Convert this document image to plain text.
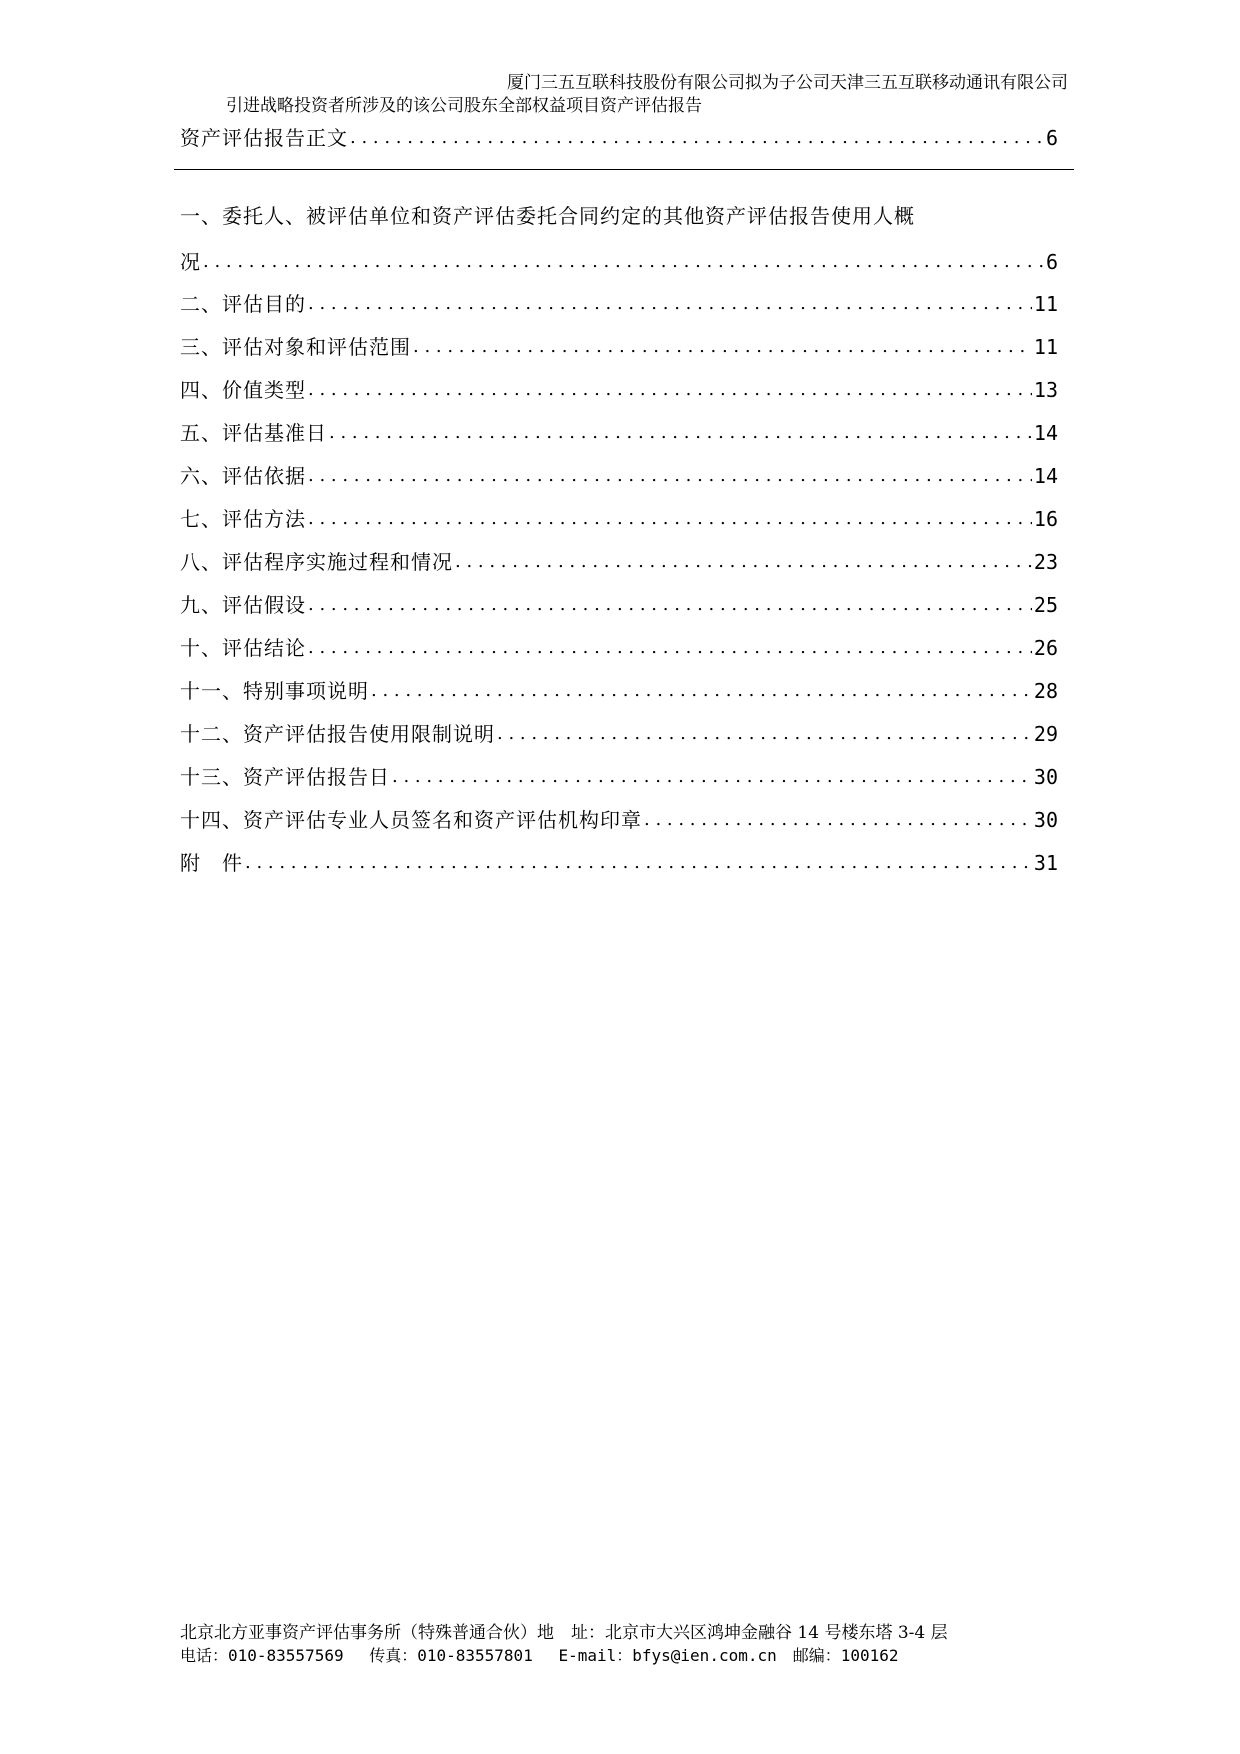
厦门三五互联科技股份有限公司拟为子公司天津三五互联移动通讯有限公司
引进战略投资者所涉及的该公司股东全部权益项目资产评估报告
资产评估报告正文 . . .	6
一、委托人、被评估单位和资产评估委托合同约定的其他资产评估报告使用人概
况 . . .	6
二、评估目的 . . .	11
三、评估对象和评估范围 . . .	11
四、价值类型 . . .	13
五、评估基准日 . . .	14
六、评估依据 . . .	14
七、评估方法 . . .	16
八、评估程序实施过程和情况 . . .	23
九、评估假设 . . .	25
十、评估结论 . . .	26
十一、特别事项说明 . . .	28
十二、资产评估报告使用限制说明 . . .	29
十三、资产评估报告日 . . .	30
十四、资产评估专业人员签名和资产评估机构印章 . . .	30
附　件 . . .	31
北京北方亚事资产评估事务所（特殊普通合伙）地　址：北京市大兴区鸿坤金融谷 14 号楼东塔 3-4 层
电话：010-83557569　 传真：010-83557801　 E-mail：bfys@ien.com.cn　邮编：100162
